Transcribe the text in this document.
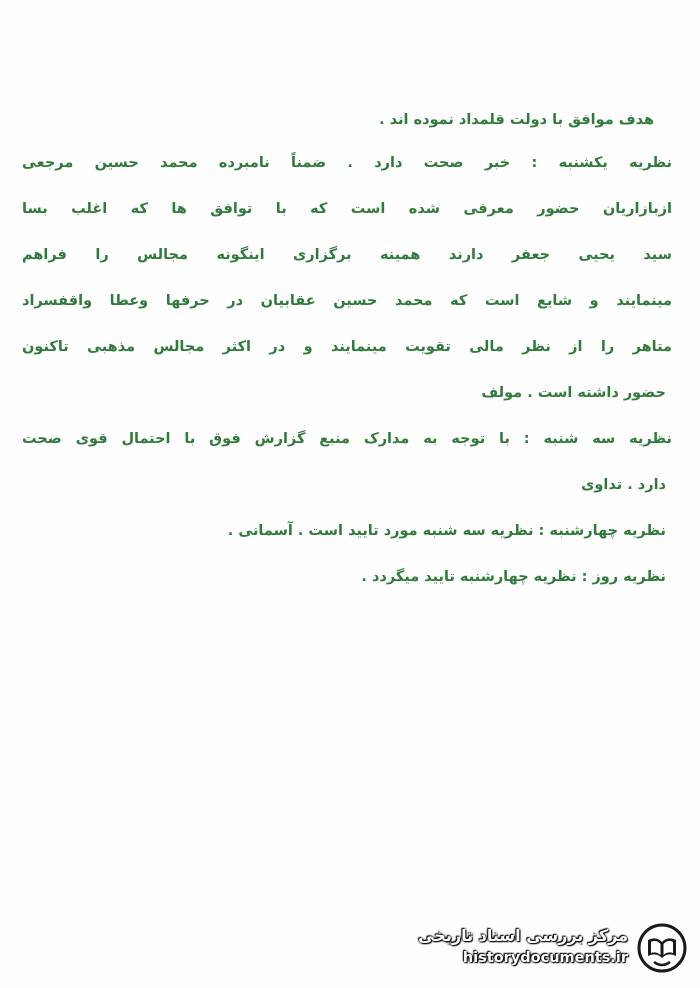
هدف موافق با دولت قلمداد نموده اند .
نظریه یکشنبه : خبر صحت دارد . ضمناً نامبرده محمد حسین مرجعی
ازبازاریان حضور معرفی شده است که با توافق ها که اغلب بسا
سید یحیی جعفر دارند همینه برگزاری اینگونه مجالس را فراهم
مینمایند و شایع است که محمد حسین عقابیان در حرفها وعطا واقفسراد
متاهر را از نظر مالی تقویت مینمایند و در اکثر مجالس مذهبی تاکنون
حضور داشته است . مولف
نظریه سه شنبه : با توجه به مدارک منبع گزارش فوق با احتمال قوی صحت
دارد . تداوی
نظریه چهارشنبه : نظریه سه شنبه مورد تایید است . آسمانی .
نظریه روز : نظریه چهارشنبه تایید میگردد .
مرکز بررسی اسناد تاریخی
historydocuments.ir
